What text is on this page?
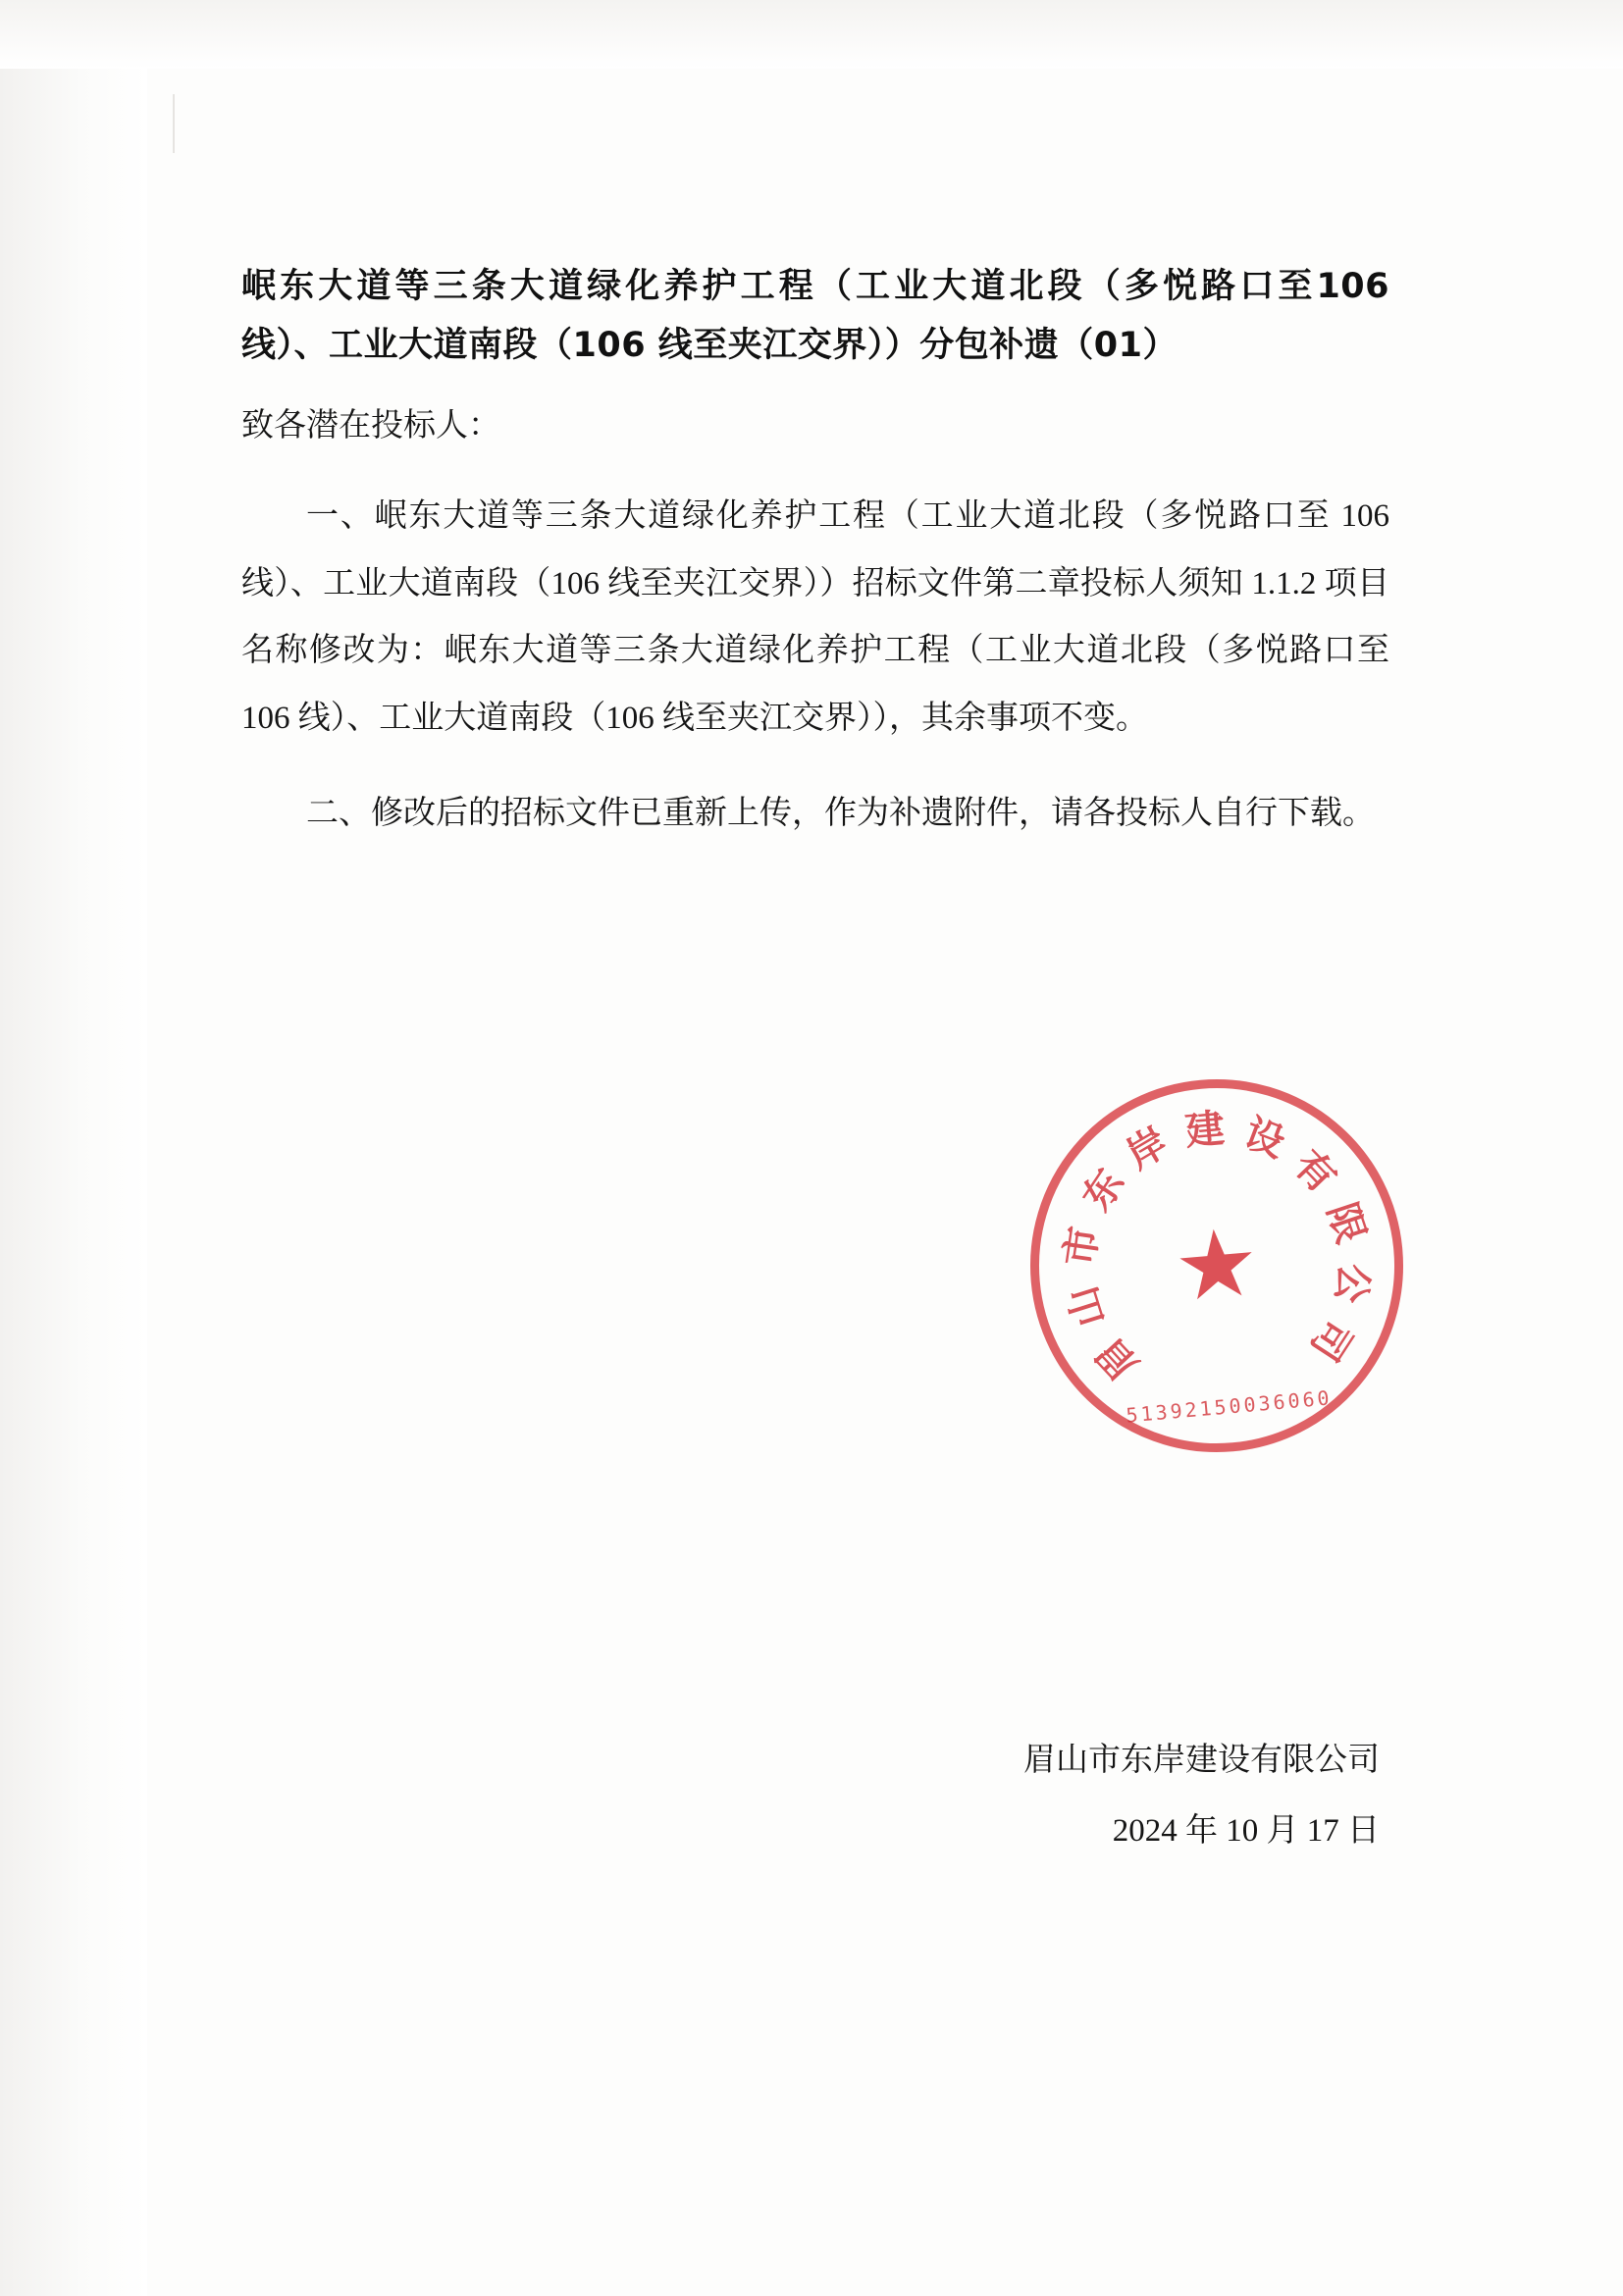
岷东大道等三条大道绿化养护工程（工业大道北段（多悦路口至106 线）、工业大道南段（106 线至夹江交界））分包补遗（01）

致各潜在投标人：

一、岷东大道等三条大道绿化养护工程（工业大道北段（多悦路口至 106 线）、工业大道南段（106 线至夹江交界））招标文件第二章投标人须知 1.1.2 项目名称修改为：岷东大道等三条大道绿化养护工程（工业大道北段（多悦路口至 106 线）、工业大道南段（106 线至夹江交界）），其余事项不变。

二、修改后的招标文件已重新上传，作为补遗附件，请各投标人自行下载。

眉山市东岸建设有限公司
2024 年 10 月 17 日
眉
山
市
东
岸 建 设
有
限
公
司
★
51392150036060
